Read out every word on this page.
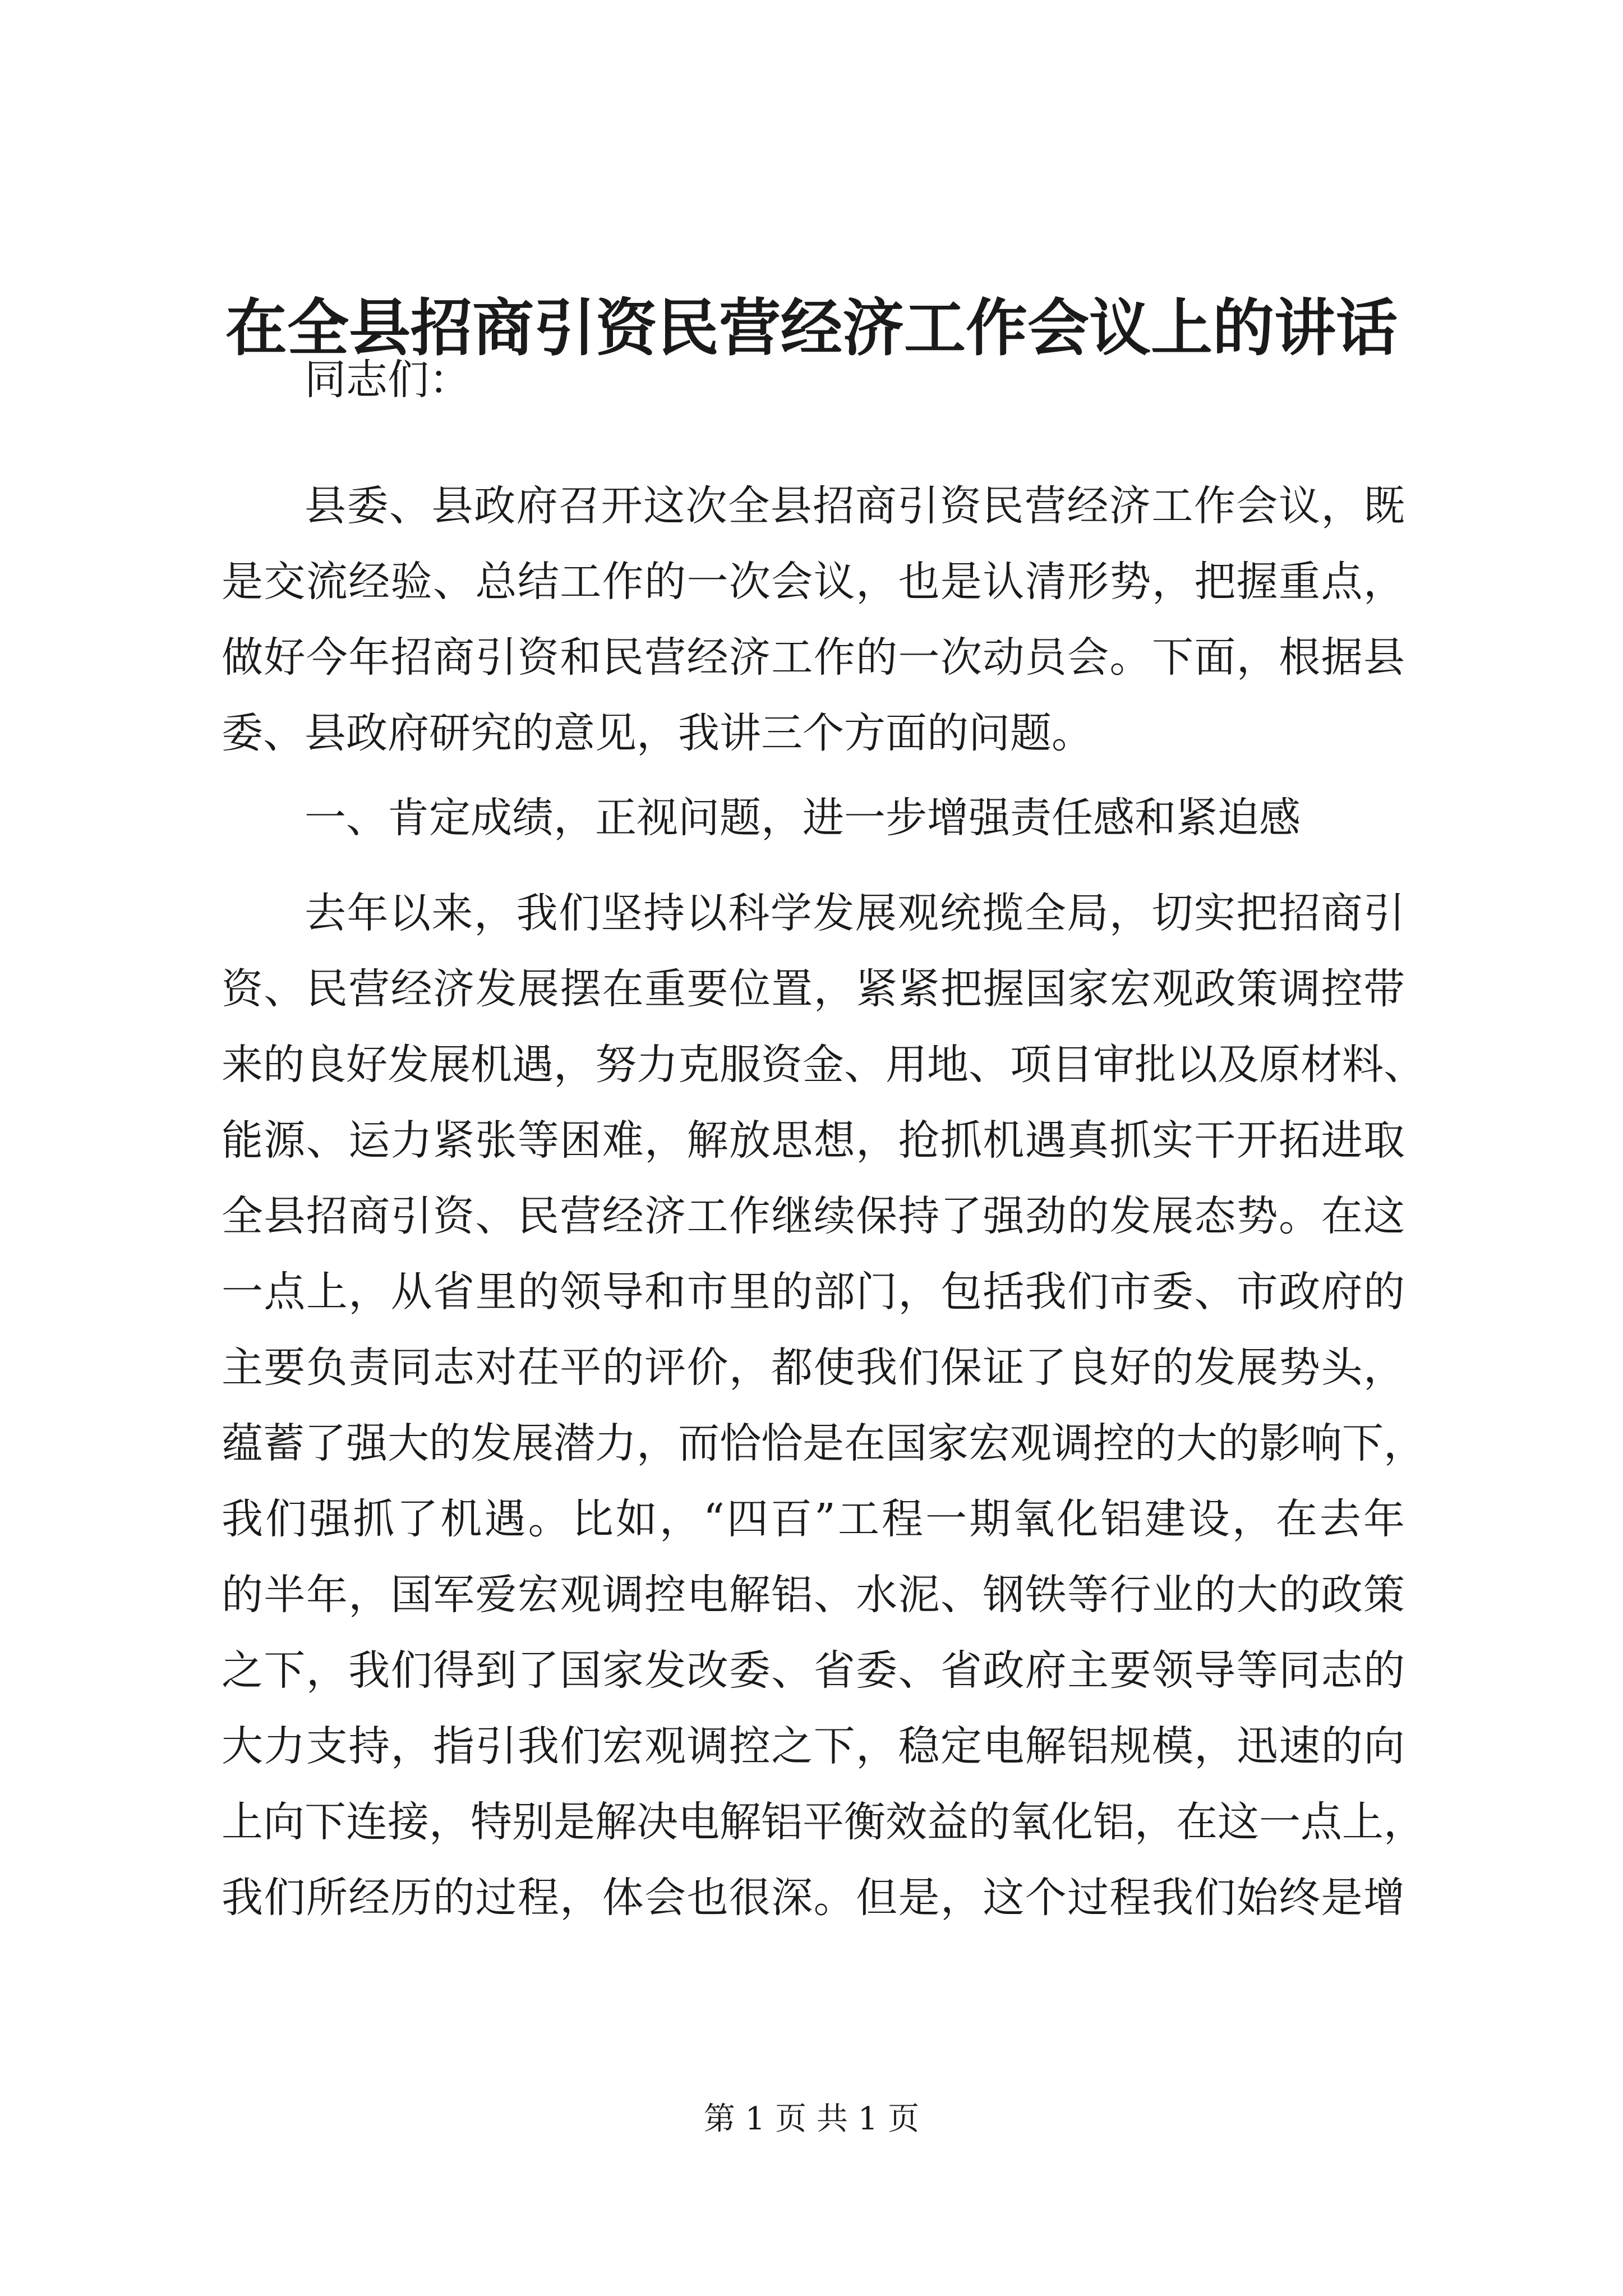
在全县招商引资民营经济工作会议上的讲话
同志们：
县委、县政府召开这次全县招商引资民营经济工作会议，既
是交流经验、总结工作的一次会议，也是认清形势，把握重点，
做好今年招商引资和民营经济工作的一次动员会。下面，根据县
委、县政府研究的意见，我讲三个方面的问题。
一、肯定成绩，正视问题，进一步增强责任感和紧迫感
去年以来，我们坚持以科学发展观统揽全局，切实把招商引
资、民营经济发展摆在重要位置，紧紧把握国家宏观政策调控带
来的良好发展机遇，努力克服资金、用地、项目审批以及原材料、
能源、运力紧张等困难，解放思想，抢抓机遇真抓实干开拓进取
全县招商引资、民营经济工作继续保持了强劲的发展态势。在这
一点上，从省里的领导和市里的部门，包括我们市委、市政府的
主要负责同志对茌平的评价，都使我们保证了良好的发展势头，
蕴蓄了强大的发展潜力，而恰恰是在国家宏观调控的大的影响下，
我们强抓了机遇。比如，“四百”工程一期氧化铝建设，在去年
的半年，国军爱宏观调控电解铝、水泥、钢铁等行业的大的政策
之下，我们得到了国家发改委、省委、省政府主要领导等同志的
大力支持，指引我们宏观调控之下，稳定电解铝规模，迅速的向
上向下连接，特别是解决电解铝平衡效益的氧化铝，在这一点上，
我们所经历的过程，体会也很深。但是，这个过程我们始终是增
第 1 页 共 1 页
